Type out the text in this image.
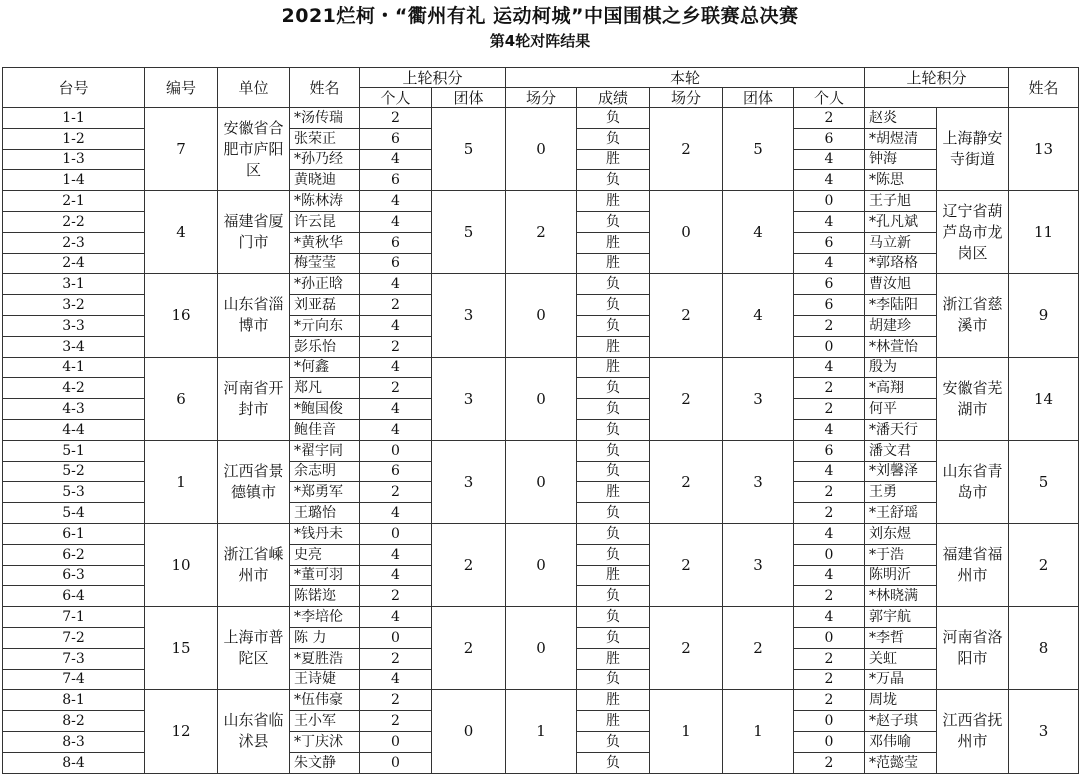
2021烂柯・“衢州有礼 运动柯城”中国围棋之乡联赛总决赛
第4轮对阵结果
台号	编号	单位	姓名	上轮积分		本轮					上轮积分		姓名		
				个人	团体	场分	成绩	场分	团体	个人				
1-1	7	安徽省合肥市庐阳区	*汤传瑞	2	5	0	负	2	5	2	赵炎	上海静安寺街道	13	
1-2			张荣正	6			负			6	*胡煜清			
1-3			*孙乃经	4			胜			4	钟海			
1-4			黄晓迪	6			负			4	*陈思			
2-1	4	福建省厦门市	*陈林涛	4	5	2	胜	0	4	0	王子旭	辽宁省葫芦岛市龙岗区	11	
2-2			许云昆	4			负			4	*孔凡斌			
2-3			*黄秋华	6			胜			6	马立新			
2-4			梅莹莹	6			胜			4	*郭珞格			
3-1	16	山东省淄博市	*孙正晗	4	3	0	负	2	4	6	曹汝旭	浙江省慈溪市	9	
3-2			刘亚磊	2			负			6	*李陆阳			
3-3			*亓向东	4			负			2	胡建珍			
3-4			彭乐怡	2			胜			0	*林萱怡			
4-1	6	河南省开封市	*何鑫	4	3	0	胜	2	3	4	殷为	安徽省芜湖市	14	
4-2			郑凡	2			负			2	*高翔			
4-3			*鲍国俊	4			负			2	何平			
4-4			鲍佳音	4			负			4	*潘天行			
5-1	1	江西省景德镇市	*翟宇同	0	3	0	负	2	3	6	潘文君	山东省青岛市	5	
5-2			余志明	6			负			4	*刘馨泽			
5-3			*郑勇军	2			胜			2	王勇			
5-4			王璐怡	4			负			2	*王舒瑶			
6-1	10	浙江省嵊州市	*钱丹未	0	2	0	负	2	3	4	刘东煜	福建省福州市	2	
6-2			史亮	4			负			0	*于浩			
6-3			*董可羽	4			胜			4	陈明沂			
6-4			陈锘迩	2			负			2	*林晓满			
7-1	15	上海市普陀区	*李培伦	4	2	0	负	2	2	4	郭宇航	河南省洛阳市	8	
7-2			陈 力	0			负			0	*李哲			
7-3			*夏胜浩	2			胜			2	关虹			
7-4			王诗婕	4			负			2	*万晶			
8-1	12	山东省临沭县	*伍伟豪	2	0	1	胜	1	1	2	周垅	江西省抚州市	3	
8-2			王小军	2			胜			0	*赵子琪			
8-3			*丁庆沭	0			负			0	邓伟喻			
8-4			朱文静	0			负			2	*范懿莹			
